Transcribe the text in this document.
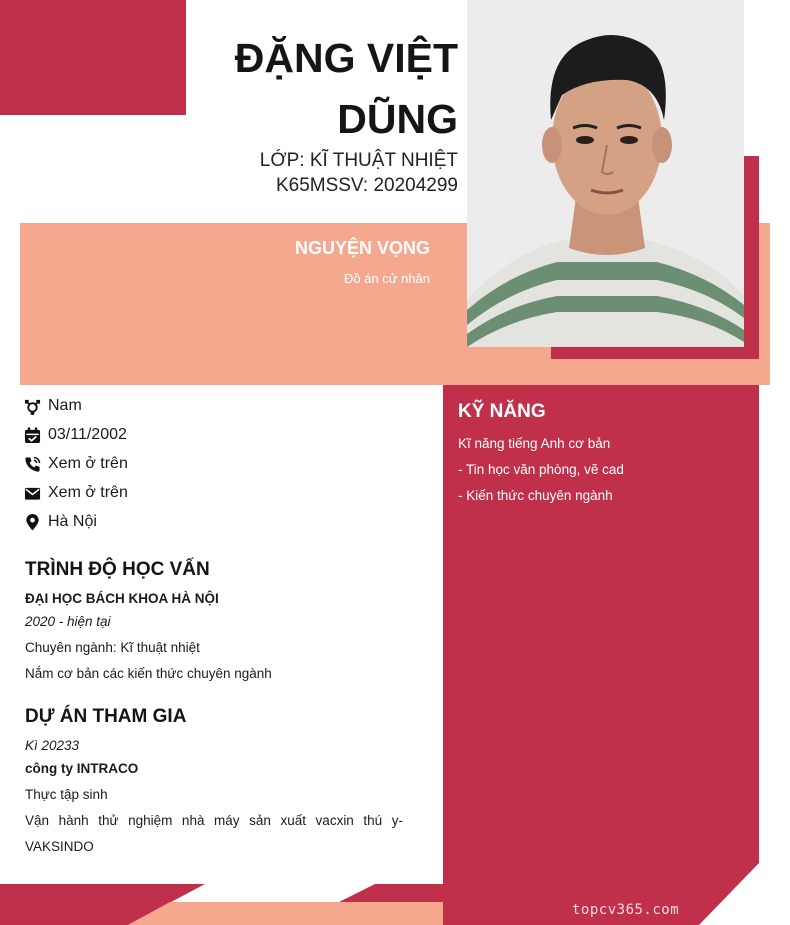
ĐẶNG VIỆT
DŨNG
LỚP: KĨ THUẬT NHIỆT
K65MSSV: 20204299
NGUYỆN VỌNG
Đồ án cử nhân
Nam
03/11/2002
Xem ở trên
Xem ở trên
Hà Nội
TRÌNH ĐỘ HỌC VẤN
ĐẠI HỌC BÁCH KHOA HÀ NỘI
2020 - hiện tại
Chuyên ngành: Kĩ thuật nhiệt
Nắm cơ bản các kiến thức chuyên ngành
DỰ ÁN THAM GIA
Kì 20233
công ty INTRACO
Thực tập sinh
Vận hành thử nghiệm nhà máy sản xuất vacxin thú y-VAKSINDO
KỸ NĂNG
Kĩ năng tiếng Anh cơ bản
- Tin học văn phòng, vẽ cad
- Kiến thức chuyên ngành
topcv365.com
